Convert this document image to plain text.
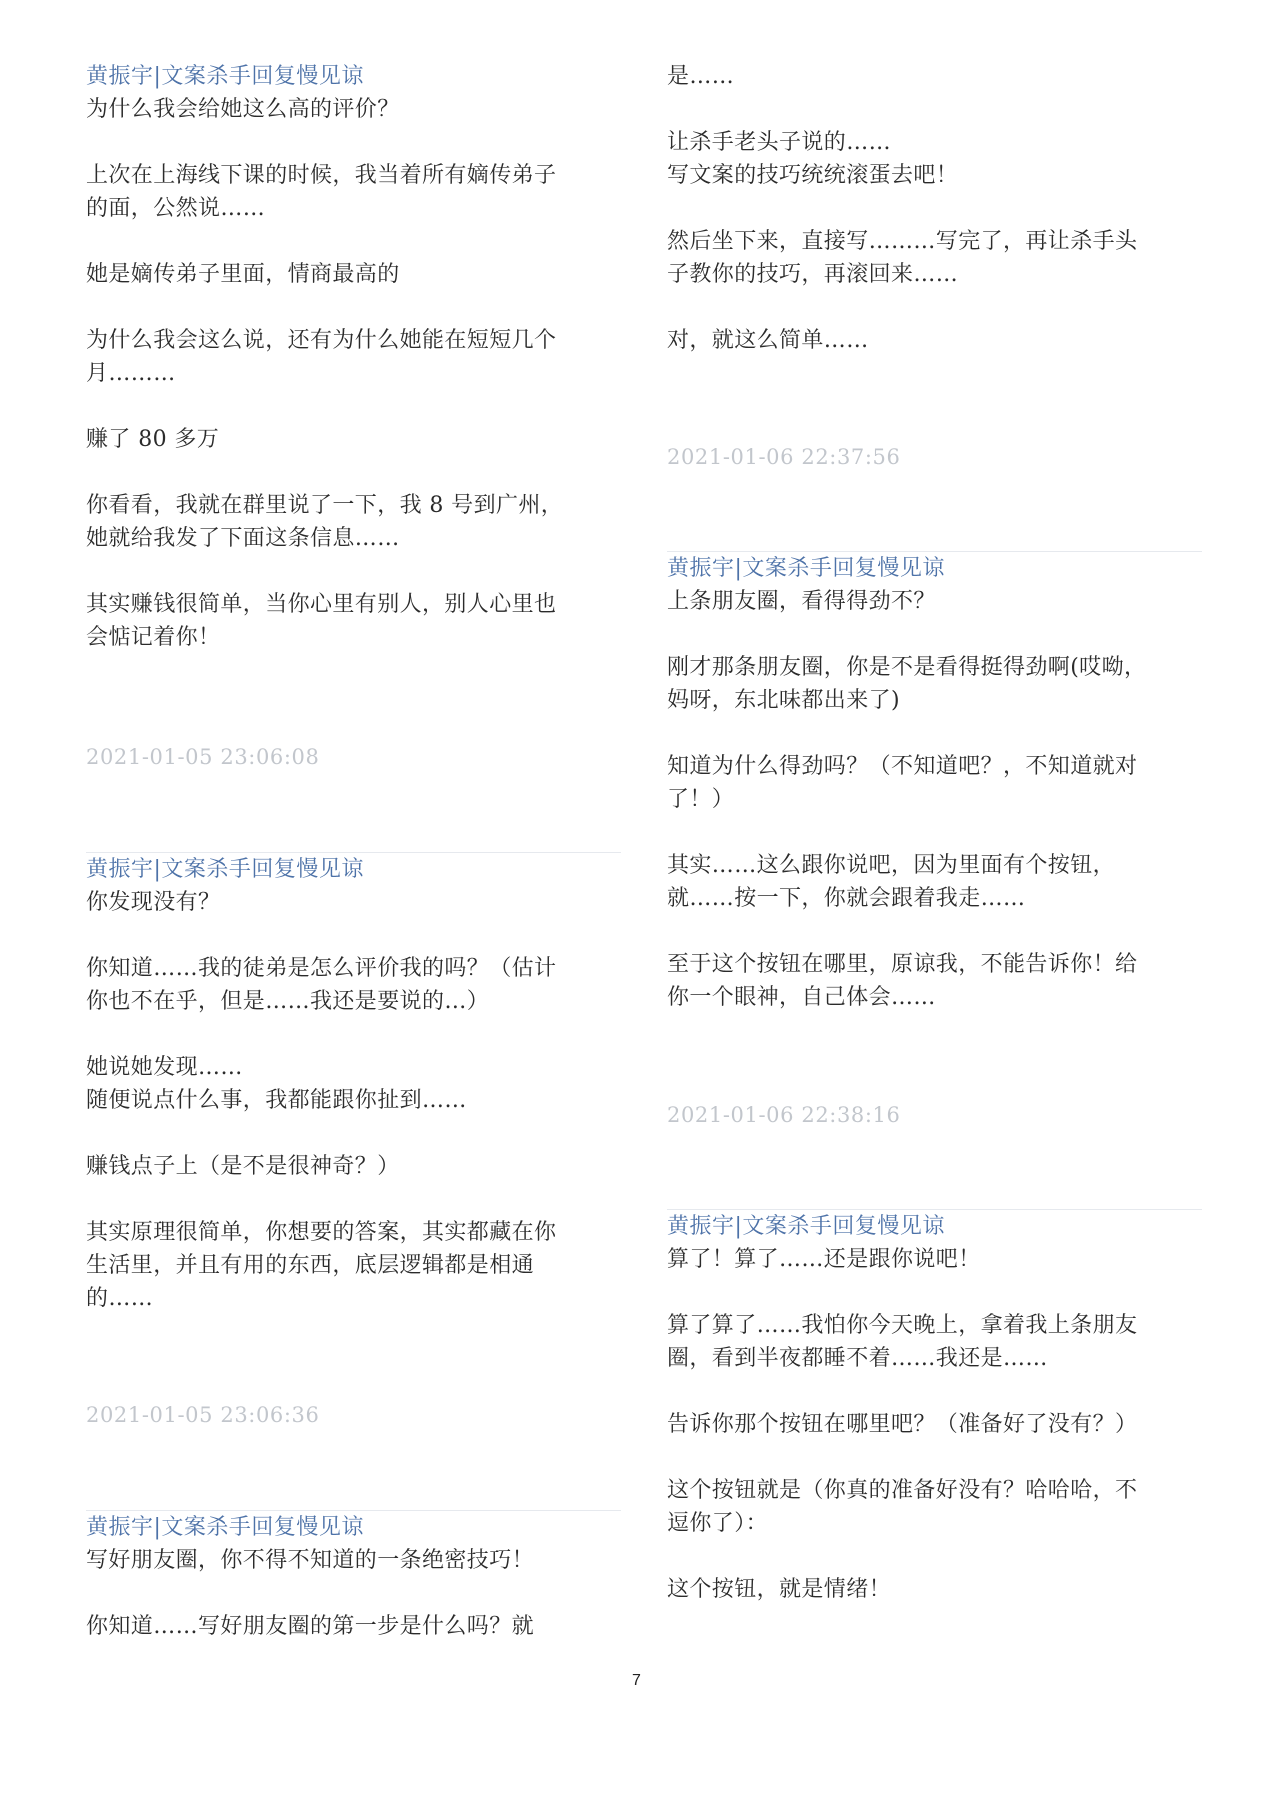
黄振宇|文案杀手回复慢见谅

为什么我会给她这么高的评价？

上次在上海线下课的时候，我当着所有嫡传弟子
的面，公然说……

她是嫡传弟子里面，情商最高的

为什么我会这么说，还有为什么她能在短短几个
月………

赚了 80 多万

你看看，我就在群里说了一下，我 8 号到广州，
她就给我发了下面这条信息……

其实赚钱很简单，当你心里有别人，别人心里也
会惦记着你！

2021-01-05 23:06:08
黄振宇|文案杀手回复慢见谅

你发现没有？

你知道……我的徒弟是怎么评价我的吗？（估计
你也不在乎，但是……我还是要说的…）

她说她发现……
随便说点什么事，我都能跟你扯到……

赚钱点子上（是不是很神奇？）

其实原理很简单，你想要的答案，其实都藏在你
生活里，并且有用的东西，底层逻辑都是相通
的……

2021-01-05 23:06:36
黄振宇|文案杀手回复慢见谅

写好朋友圈，你不得不知道的一条绝密技巧！

你知道……写好朋友圈的第一步是什么吗？就

是……

让杀手老头子说的……
写文案的技巧统统滚蛋去吧！

然后坐下来，直接写………写完了，再让杀手头
子教你的技巧，再滚回来……

对，就这么简单……

2021-01-06 22:37:56
黄振宇|文案杀手回复慢见谅

上条朋友圈，看得得劲不？

刚才那条朋友圈，你是不是看得挺得劲啊(哎呦，
妈呀，东北味都出来了)

知道为什么得劲吗？（不知道吧？，不知道就对
了！）

其实……这么跟你说吧，因为里面有个按钮，
就……按一下，你就会跟着我走……

至于这个按钮在哪里，原谅我，不能告诉你！给
你一个眼神，自己体会……

2021-01-06 22:38:16
黄振宇|文案杀手回复慢见谅

算了！算了……还是跟你说吧！

算了算了……我怕你今天晚上，拿着我上条朋友
圈，看到半夜都睡不着……我还是……

告诉你那个按钮在哪里吧？（准备好了没有？）

这个按钮就是（你真的准备好没有？哈哈哈，不
逗你了）：

这个按钮，就是情绪！

7
